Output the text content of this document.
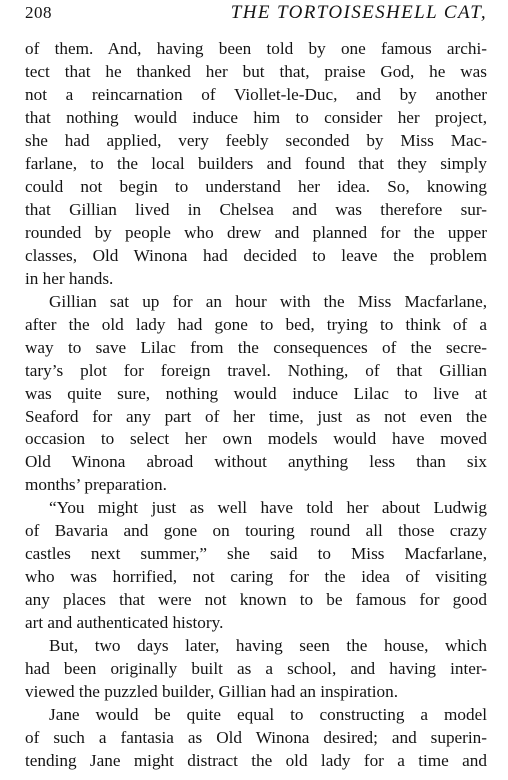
208	THE TORTOISESHELL CAT,
of them. And, having been told by one famous archi-
tect that he thanked her but that, praise God, he was
not a reincarnation of Viollet-le-Duc, and by another
that nothing would induce him to consider her project,
she had applied, very feebly seconded by Miss Mac-
farlane, to the local builders and found that they simply
could not begin to understand her idea. So, knowing
that Gillian lived in Chelsea and was therefore sur-
rounded by people who drew and planned for the upper
classes, Old Winona had decided to leave the problem
in her hands.
Gillian sat up for an hour with the Miss Macfarlane,
after the old lady had gone to bed, trying to think of a
way to save Lilac from the consequences of the secre-
tary’s plot for foreign travel. Nothing, of that Gillian
was quite sure, nothing would induce Lilac to live at
Seaford for any part of her time, just as not even the
occasion to select her own models would have moved
Old Winona abroad without anything less than six
months’ preparation.
“You might just as well have told her about Ludwig
of Bavaria and gone on touring round all those crazy
castles next summer,” she said to Miss Macfarlane,
who was horrified, not caring for the idea of visiting
any places that were not known to be famous for good
art and authenticated history.
But, two days later, having seen the house, which
had been originally built as a school, and having inter-
viewed the puzzled builder, Gillian had an inspiration.
Jane would be quite equal to constructing a model
of such a fantasia as Old Winona desired; and superin-
tending Jane might distract the old lady for a time and
